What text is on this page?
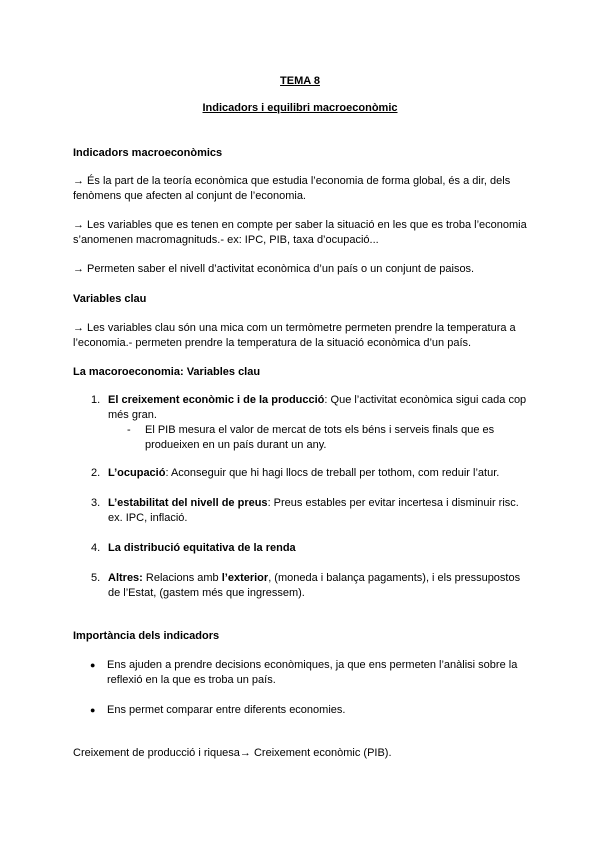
TEMA 8
Indicadors i equilibri macroeconòmic
Indicadors macroeconòmics
→ És la part de la teoría econòmica que estudia l’economia de forma global, és a dir, dels fenòmens que afecten al conjunt de l’economia.
→ Les variables que es tenen en compte per saber la situació en les que es troba l’economia s’anomenen macromagnituds.- ex: IPC, PIB, taxa d’ocupació...
→ Permeten saber el nivell d’activitat econòmica d’un país o un conjunt de paisos.
Variables clau
→ Les variables clau són una mica com un termòmetre permeten prendre la temperatura a l’economia.- permeten prendre la temperatura de la situació econòmica d’un país.
La macoroeconomia: Variables clau
1. El creixement econòmic i de la producció: Que l’activitat econòmica sigui cada cop més gran.
- El PIB mesura el valor de mercat de tots els béns i serveis finals que es produeixen en un país durant un any.
2. L’ocupació: Aconseguir que hi hagi llocs de treball per tothom, com reduir l’atur.
3. L’estabilitat del nivell de preus: Preus estables per evitar incertesa i disminuir risc. ex. IPC, inflació.
4. La distribució equitativa de la renda
5. Altres: Relacions amb l’exterior, (moneda i balança pagaments), i els pressupostos de l’Estat, (gastem més que ingressem).
Importància dels indicadors
● Ens ajuden a prendre decisions econòmiques, ja que ens permeten l’anàlisi sobre la reflexió en la que es troba un país.
● Ens permet comparar entre diferents economies.
Creixement de producció i riquesa→ Creixement econòmic (PIB).
